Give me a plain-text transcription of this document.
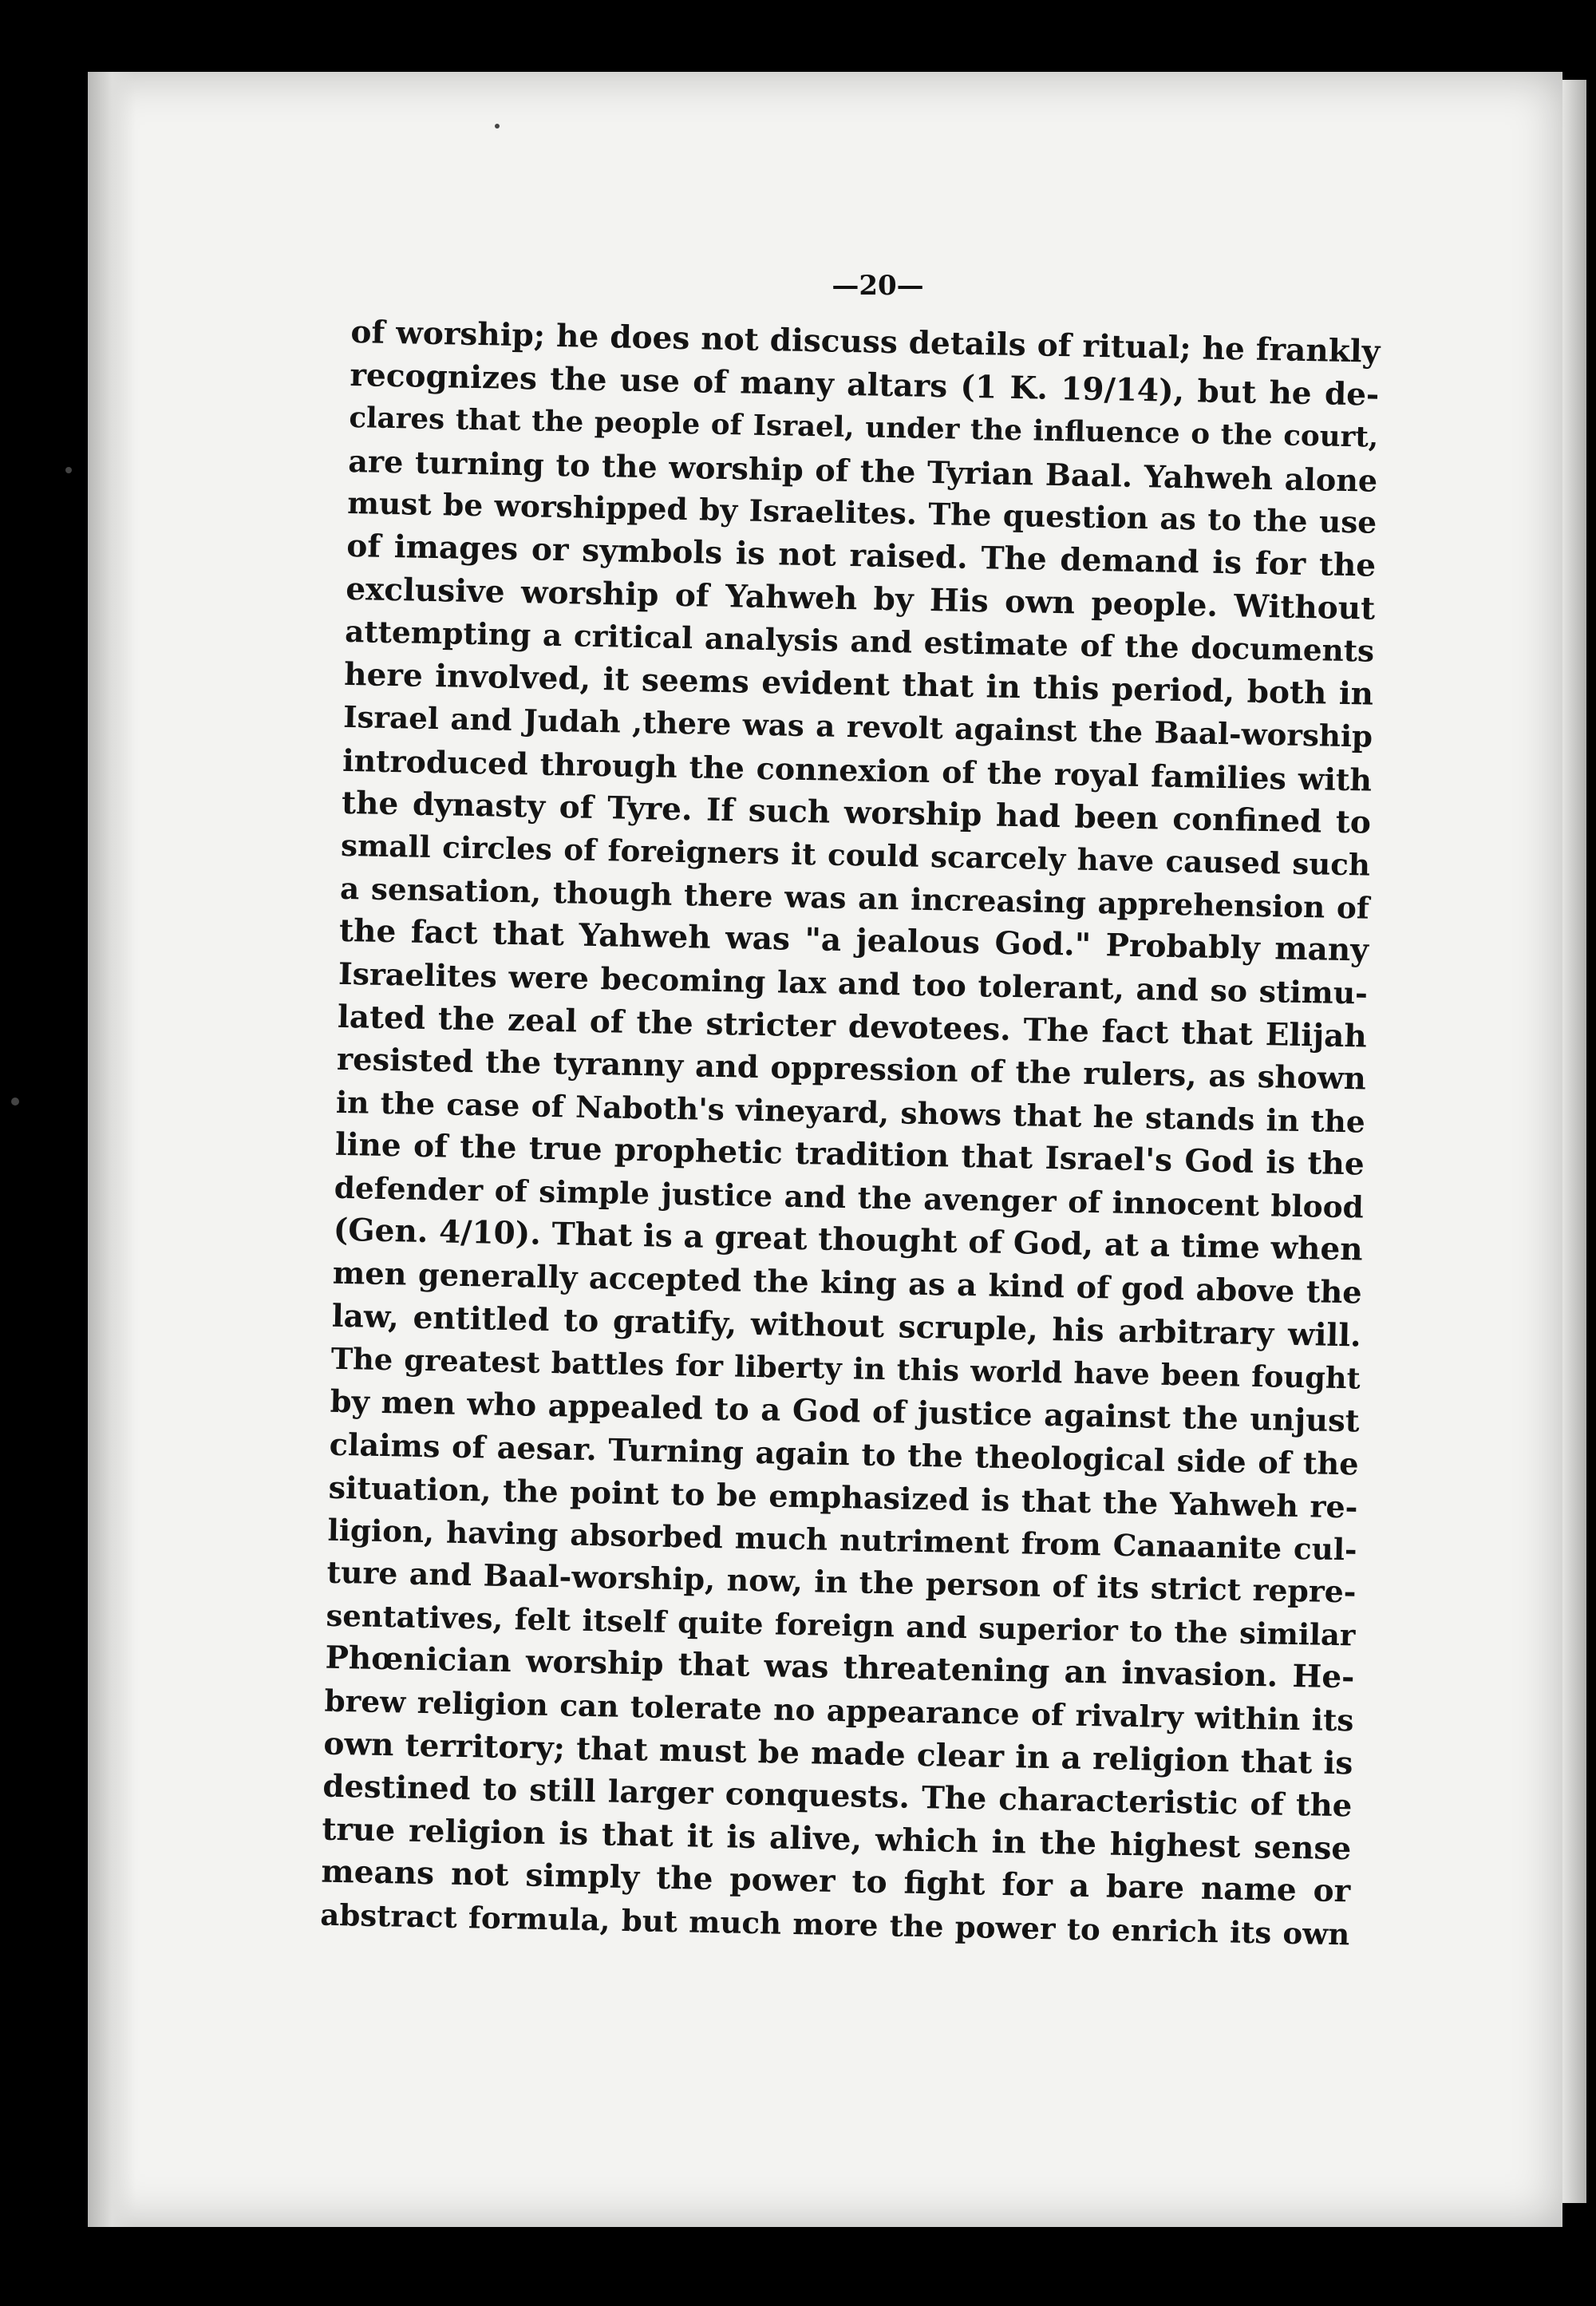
—20—
of worship; he does not discuss details of ritual; he frankly
recognizes the use of many altars (1 K. 19/14), but he de-
clares that the people of Israel, under the influence o the court,
are turning to the worship of the Tyrian Baal. Yahweh alone
must be worshipped by Israelites. The question as to the use
of images or symbols is not raised. The demand is for the
exclusive worship of Yahweh by His own people. Without
attempting a critical analysis and estimate of the documents
here involved, it seems evident that in this period, both in
Israel and Judah ,there was a revolt against the Baal-worship
introduced through the connexion of the royal families with
the dynasty of Tyre. If such worship had been confined to
small circles of foreigners it could scarcely have caused such
a sensation, though there was an increasing apprehension of
the fact that Yahweh was "a jealous God." Probably many
Israelites were becoming lax and too tolerant, and so stimu-
lated the zeal of the stricter devotees. The fact that Elijah
resisted the tyranny and oppression of the rulers, as shown
in the case of Naboth's vineyard, shows that he stands in the
line of the true prophetic tradition that Israel's God is the
defender of simple justice and the avenger of innocent blood
(Gen. 4/10). That is a great thought of God, at a time when
men generally accepted the king as a kind of god above the
law, entitled to gratify, without scruple, his arbitrary will.
The greatest battles for liberty in this world have been fought
by men who appealed to a God of justice against the unjust
claims of aesar. Turning again to the theological side of the
situation, the point to be emphasized is that the Yahweh re-
ligion, having absorbed much nutriment from Canaanite cul-
ture and Baal-worship, now, in the person of its strict repre-
sentatives, felt itself quite foreign and superior to the similar
Phœnician worship that was threatening an invasion. He-
brew religion can tolerate no appearance of rivalry within its
own territory; that must be made clear in a religion that is
destined to still larger conquests. The characteristic of the
true religion is that it is alive, which in the highest sense
means not simply the power to fight for a bare name or
abstract formula, but much more the power to enrich its own
